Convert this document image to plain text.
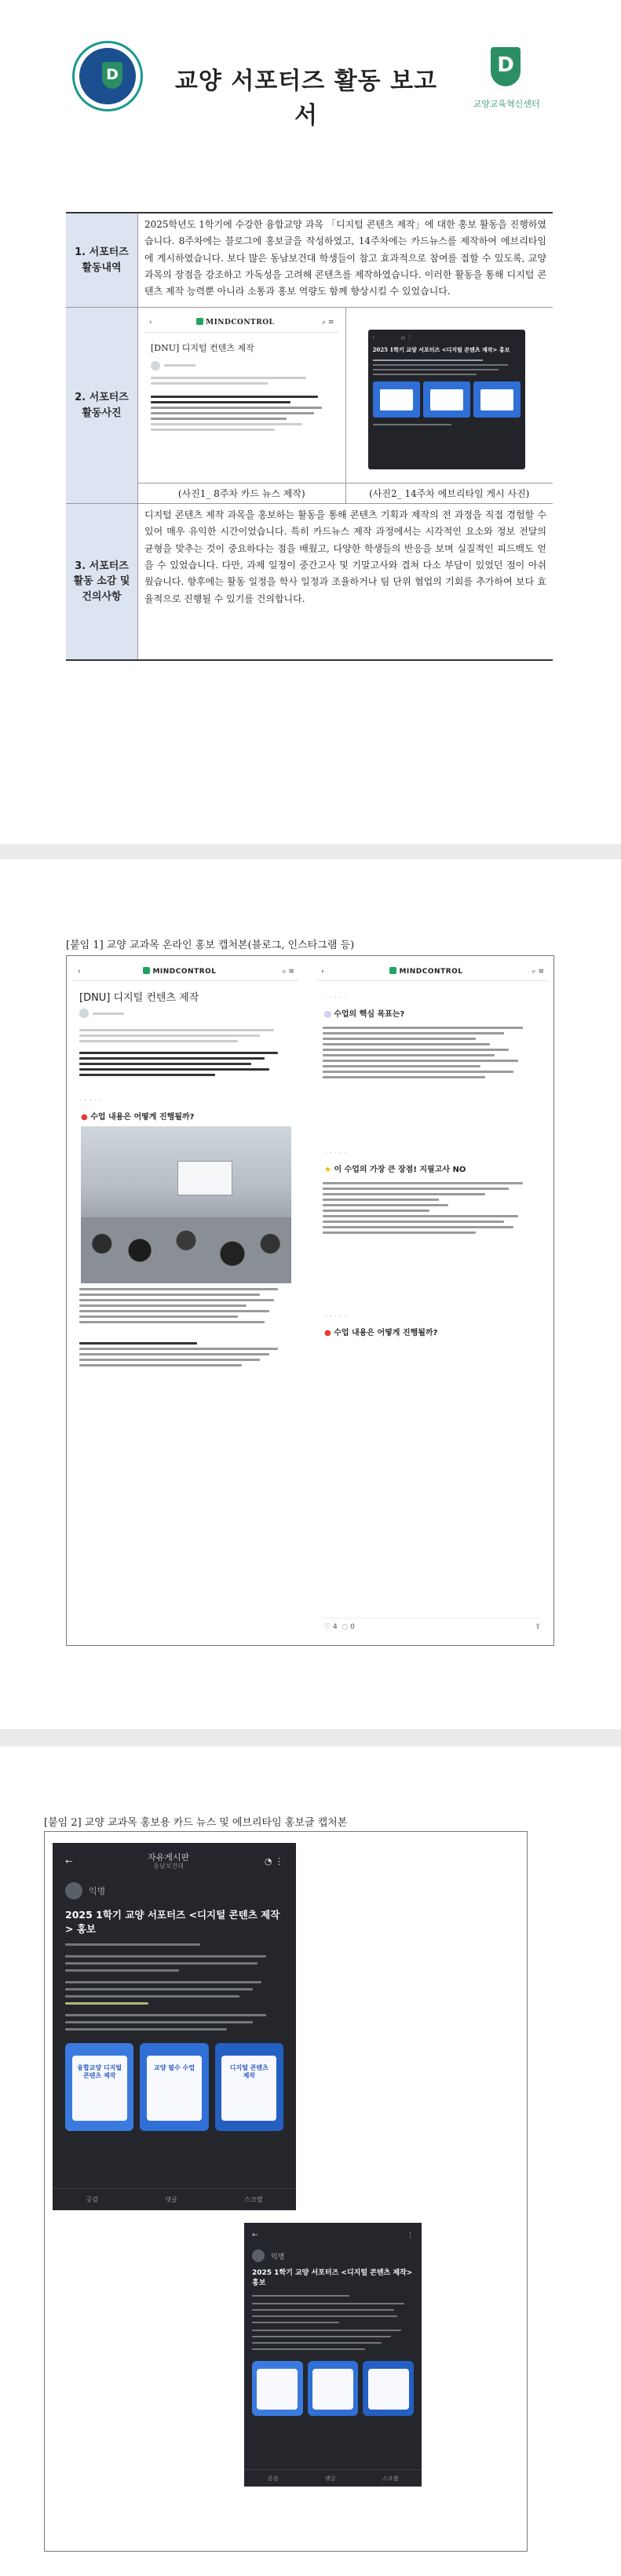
D	교양 서포터즈 활동 보고서
D
교양교육혁신센터
1. 서포터즈 활동내역
2025학년도 1학기에 수강한 융합교양 과목 「디지털 콘텐츠 제작」에 대한 홍보 활동을 진행하였습니다. 8주차에는 블로그에 홍보글을 작성하였고, 14주차에는 카드뉴스를 제작하여 에브리타임에 게시하였습니다. 보다 많은 동남보건대 학생들이 참고 효과적으로 참여를 접할 수 있도록, 교양 과목의 장점을 강조하고 가독성을 고려해 콘텐츠를 제작하였습니다. 이러한 활동을 통해 디지털 콘텐츠 제작 능력뿐 아니라 소통과 홍보 역량도 함께 향상시킬 수 있었습니다.
2. 서포터즈 활동사진
‹	MINDCONTROL	⌕ ≡
[DNU] 디지털 컨텐츠 제작
(사진1_ 8주차 카드 뉴스 제작)
‹               ⌂ ⋮
2025 1학기 교양 서포터즈 <디지털 콘텐츠 제작> 홍보
(사진2_ 14주차 에브리타임 게시 사진)
3. 서포터즈 활동 소감 및 건의사항
디지털 콘텐츠 제작 과목을 홍보하는 활동을 통해 콘텐츠 기획과 제작의 전 과정을 직접 경험할 수 있어 매우 유익한 시간이었습니다. 특히 카드뉴스 제작 과정에서는 시각적인 요소와 정보 전달의 균형을 맞추는 것이 중요하다는 점을 배웠고, 다양한 학생들의 반응을 보며 실질적인 피드백도 얻을 수 있었습니다. 다만, 과제 일정이 중간고사 및 기말고사와 겹쳐 다소 부담이 있었던 점이 아쉬웠습니다. 향후에는 활동 일정을 학사 일정과 조율하거나 팀 단위 협업의 기회를 추가하여 보다 효율적으로 진행될 수 있기를 건의합니다.
[붙임 1] 교양 교과목 온라인 홍보 캡처본(블로그, 인스타그램 등)
‹	MINDCONTROL	⌕ ≡
[DNU] 디지털 컨텐츠 제작
· · · · ·
● 수업 내용은 어떻게 진행될까?
‹	MINDCONTROL	⌕ ≡
· · · · ·
◎ 수업의 핵심 목표는?
· · · · ·
★ 이 수업의 가장 큰 장점! 지필고사 NO
· · · · ·
● 수업 내용은 어떻게 진행될까?
♡ 4 ◌ 0	⇪
[붙임 2] 교양 교과목 홍보용 카드 뉴스 및 에브리타임 홍보글 캡처본
←	자유게시판
동남보건대	◔ ⋮
익명
2025 1학기 교양 서포터즈 <디지털 콘텐츠 제작> 홍보
융합교양 디지털 콘텐츠 제작
교양 필수 수업	디지털 콘텐츠 제작
공감	댓글	스크랩
←	⋮
익명
2025 1학기 교양 서포터즈 <디지털 콘텐츠 제작> 홍보
공감	댓글	스크랩
